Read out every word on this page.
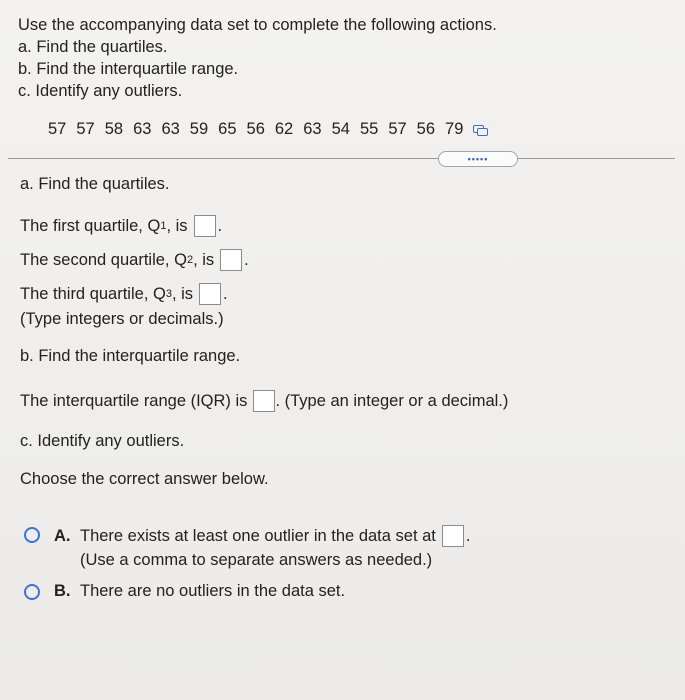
Use the accompanying data set to complete the following actions.
a. Find the quartiles.
b. Find the interquartile range.
c. Identify any outliers.
57 57 58 63 63 59 65 56 62 63 54 55 57 56 79
•••••
a. Find the quartiles.
The first quartile, Q 1 , is .
The second quartile, Q 2 , is .
The third quartile, Q 3 , is .
(Type integers or decimals.)
b. Find the interquartile range.
The interquartile range (IQR) is . (Type an integer or a decimal.)
c. Identify any outliers.
Choose the correct answer below.
A. There exists at least one outlier in the data set at .
(Use a comma to separate answers as needed.)
B. There are no outliers in the data set.
